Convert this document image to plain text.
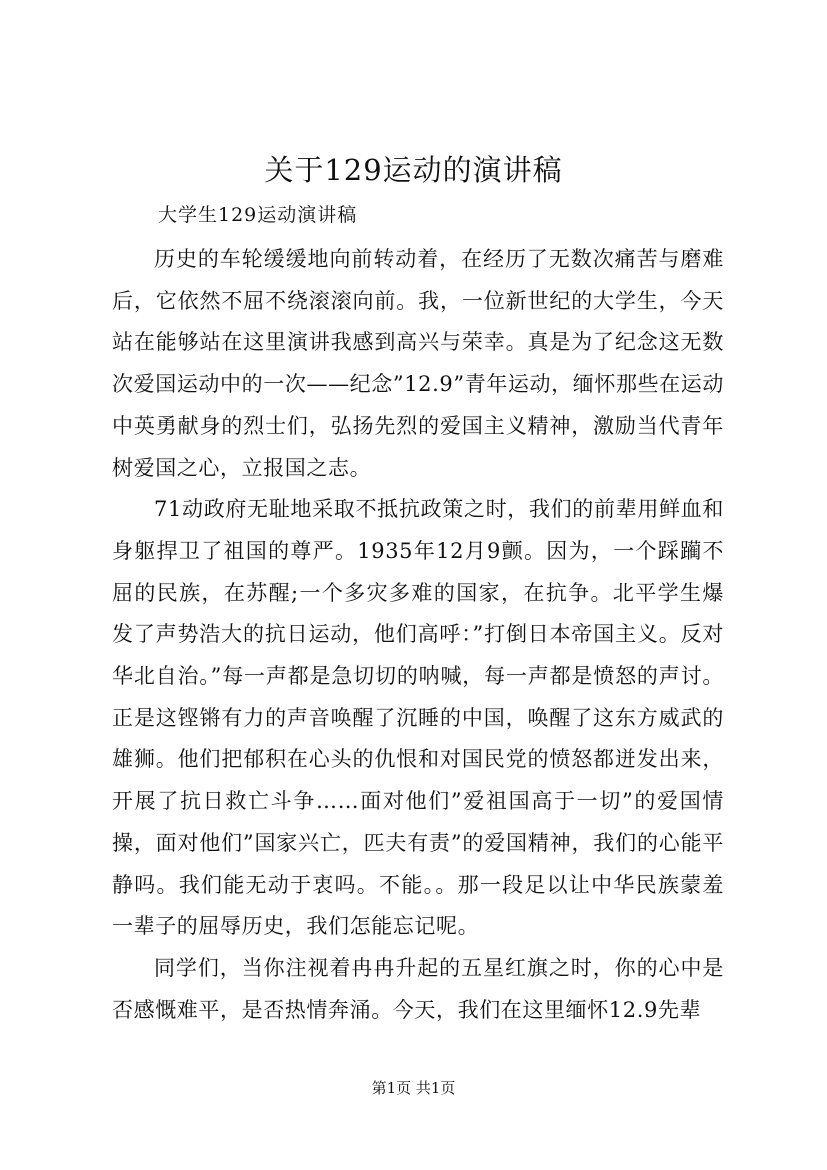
关于129运动的演讲稿
大学生129运动演讲稿

历史的车轮缓缓地向前转动着，在经历了无数次痛苦与磨难后，它依然不屈不绕滚滚向前。我，一位新世纪的大学生，今天站在能够站在这里演讲我感到高兴与荣幸。真是为了纪念这无数次爱国运动中的一次——纪念”12.9”青年运动，缅怀那些在运动中英勇献身的烈士们，弘扬先烈的爱国主义精神，激励当代青年树爱国之心，立报国之志。

71动政府无耻地采取不抵抗政策之时，我们的前辈用鲜血和身躯捍卫了祖国的尊严。1935年12月9颤。因为，一个踩躏不屈的民族，在苏醒;一个多灾多难的国家，在抗争。北平学生爆发了声势浩大的抗日运动，他们高呼：”打倒日本帝国主义。反对华北自治。”每一声都是急切切的呐喊，每一声都是愤怒的声讨。正是这铿锵有力的声音唤醒了沉睡的中国，唤醒了这东方威武的雄狮。他们把郁积在心头的仇恨和对国民党的愤怒都迸发出来，开展了抗日救亡斗争……面对他们”爱祖国高于一切”的爱国情操，面对他们”国家兴亡，匹夫有责”的爱国精神，我们的心能平静吗。我们能无动于衷吗。不能。。那一段足以让中华民族蒙羞一辈子的屈辱历史，我们怎能忘记呢。

同学们，当你注视着冉冉升起的五星红旗之时，你的心中是否感慨难平，是否热情奔涌。今天，我们在这里缅怀12.9先辈

第1页 共1页
